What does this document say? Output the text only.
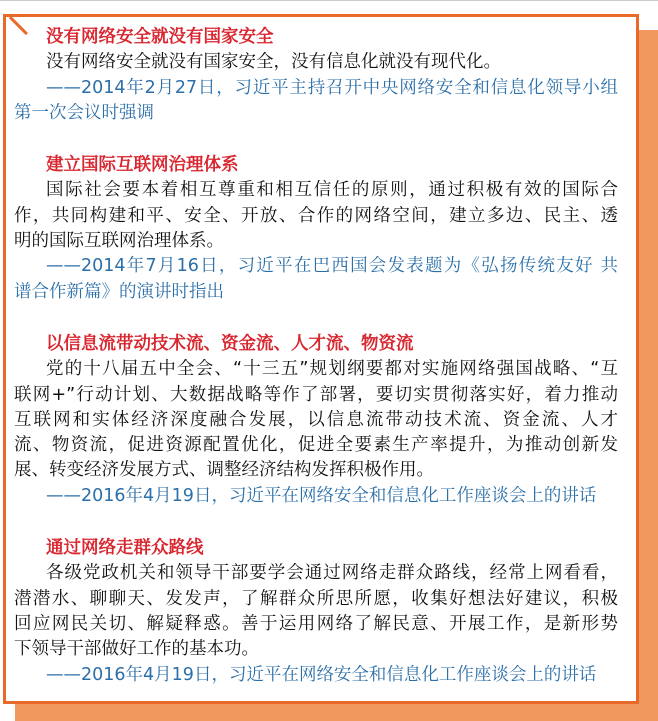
没有网络安全就没有国家安全
没有网络安全就没有国家安全，没有信息化就没有现代化。
——2014年2月27日，习近平主持召开中央网络安全和信息化领导小组
第一次会议时强调
建立国际互联网治理体系
国际社会要本着相互尊重和相互信任的原则，通过积极有效的国际合
作，共同构建和平、安全、开放、合作的网络空间，建立多边、民主、透
明的国际互联网治理体系。
——2014年7月16日，习近平在巴西国会发表题为《弘扬传统友好 共
谱合作新篇》的演讲时指出
以信息流带动技术流、资金流、人才流、物资流
党的十八届五中全会、“十三五”规划纲要都对实施网络强国战略、“互
联网+”行动计划、大数据战略等作了部署，要切实贯彻落实好，着力推动
互联网和实体经济深度融合发展，以信息流带动技术流、资金流、人才
流、物资流，促进资源配置优化，促进全要素生产率提升，为推动创新发
展、转变经济发展方式、调整经济结构发挥积极作用。
——2016年4月19日，习近平在网络安全和信息化工作座谈会上的讲话
通过网络走群众路线
各级党政机关和领导干部要学会通过网络走群众路线，经常上网看看，
潜潜水、聊聊天、发发声，了解群众所思所愿，收集好想法好建议，积极
回应网民关切、解疑释惑。善于运用网络了解民意、开展工作，是新形势
下领导干部做好工作的基本功。
——2016年4月19日，习近平在网络安全和信息化工作座谈会上的讲话
